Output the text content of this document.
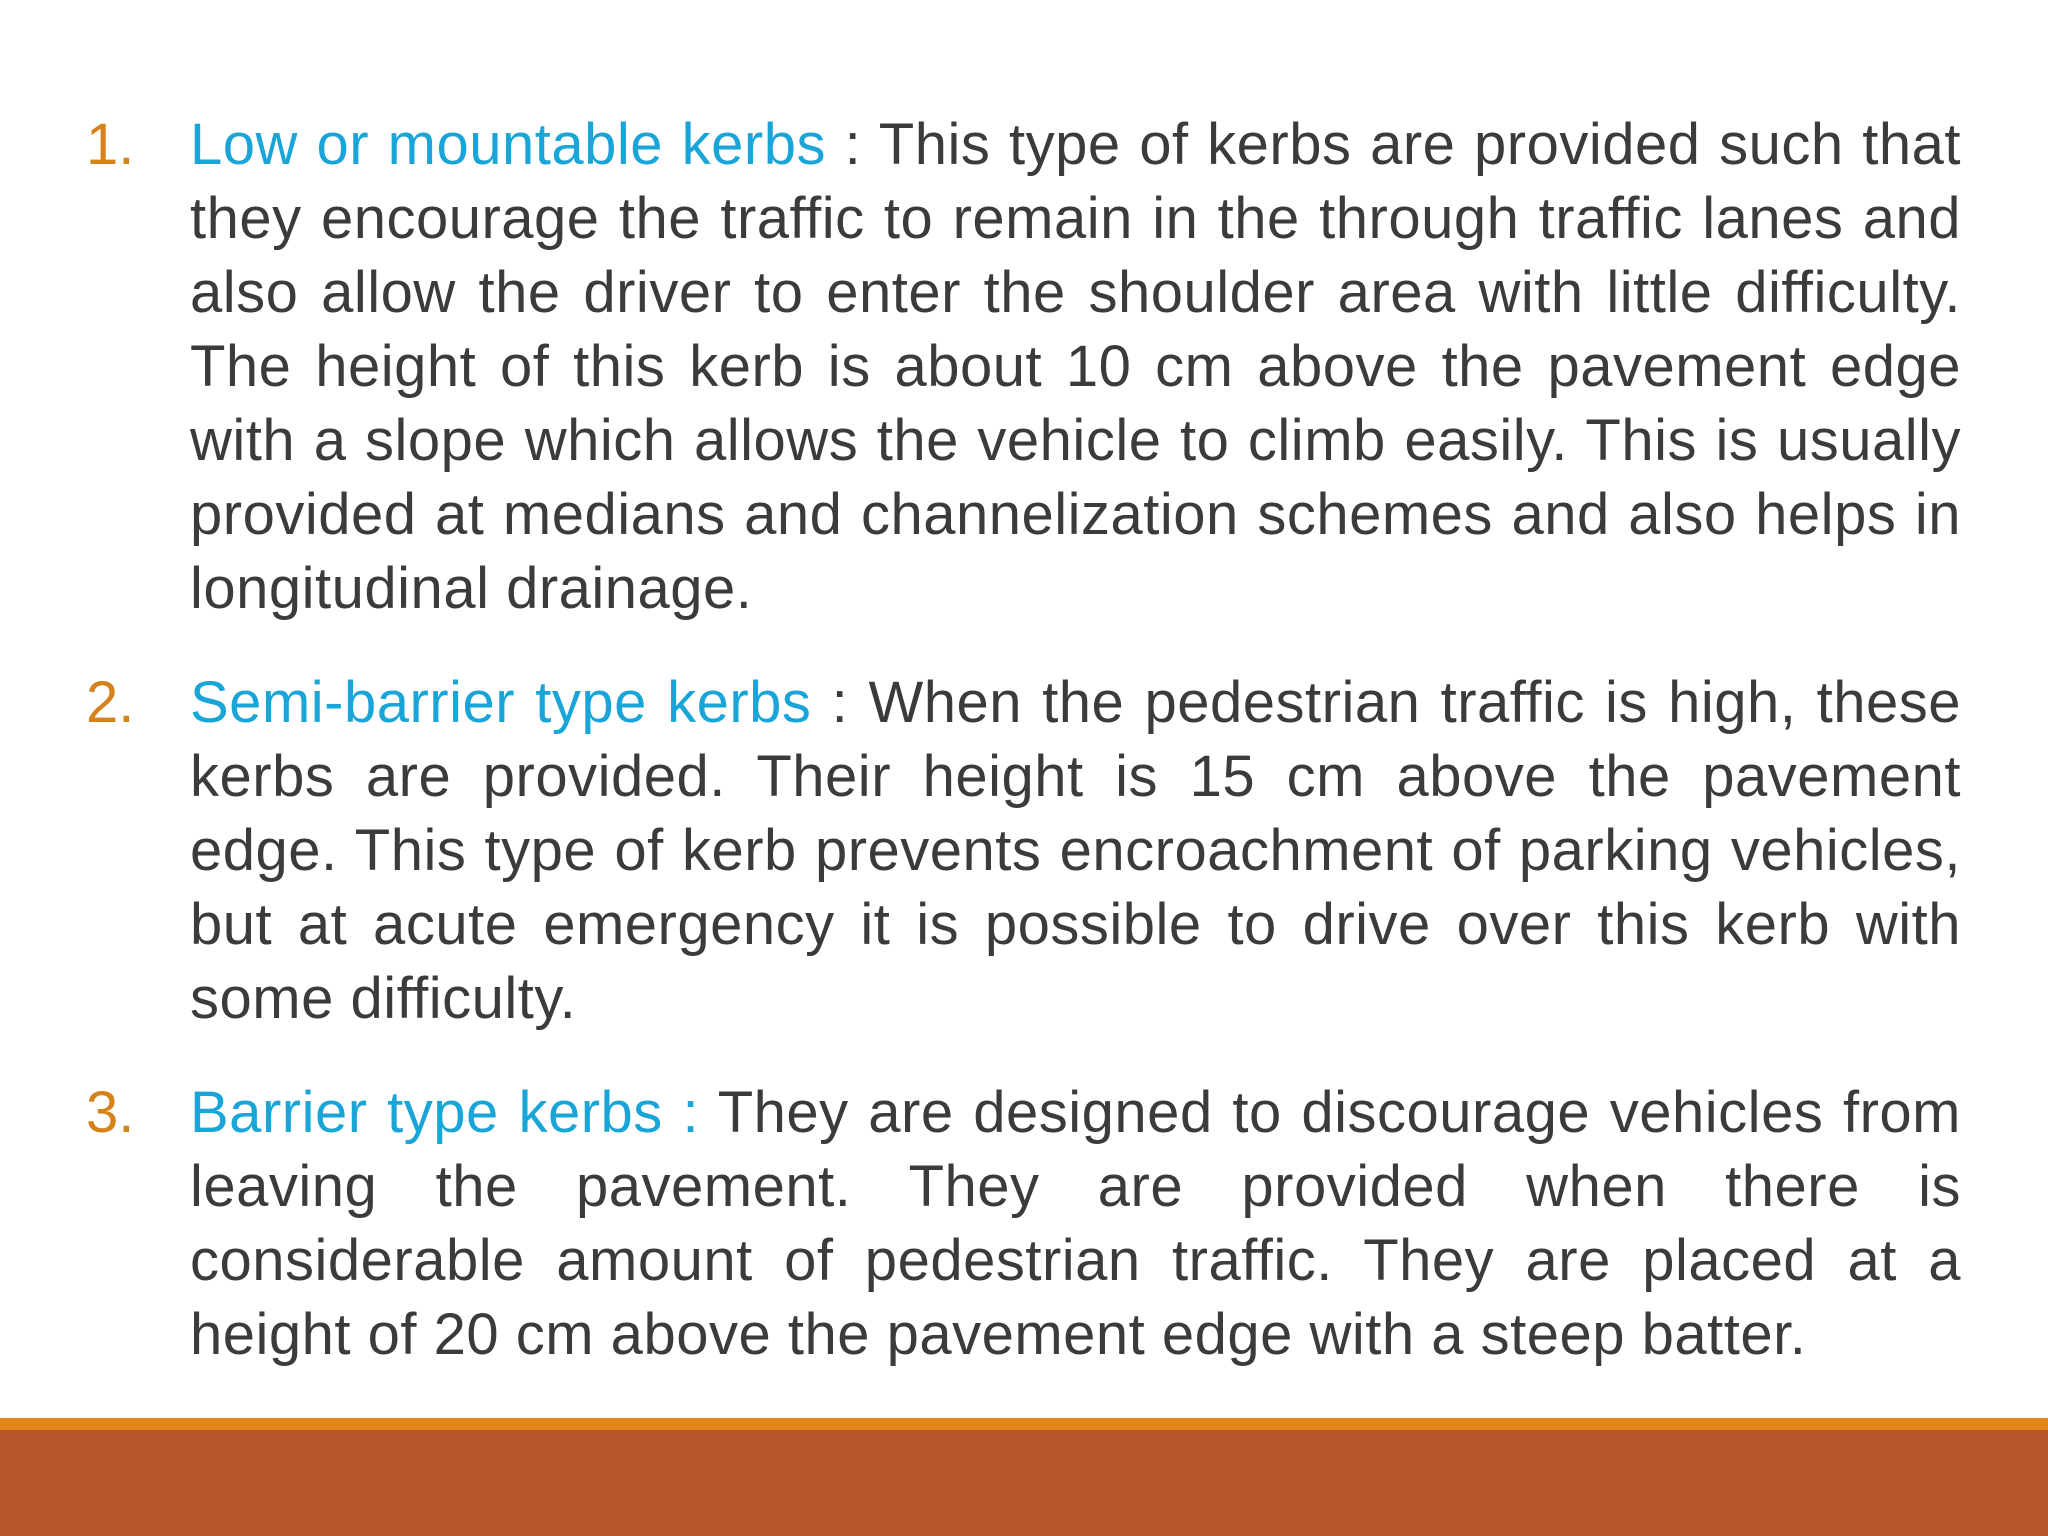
1. Low or mountable kerbs : This type of kerbs are provided such that they encourage the traffic to remain in the through traffic lanes and also allow the driver to enter the shoulder area with little difficulty. The height of this kerb is about 10 cm above the pavement edge with a slope which allows the vehicle to climb easily. This is usually provided at medians and channelization schemes and also helps in longitudinal drainage.
2. Semi-barrier type kerbs : When the pedestrian traffic is high, these kerbs are provided. Their height is 15 cm above the pavement edge. This type of kerb prevents encroachment of parking vehicles, but at acute emergency it is possible to drive over this kerb with some difficulty.
3. Barrier type kerbs : They are designed to discourage vehicles from leaving the pavement. They are provided when there is considerable amount of pedestrian traffic. They are placed at a height of 20 cm above the pavement edge with a steep batter.
